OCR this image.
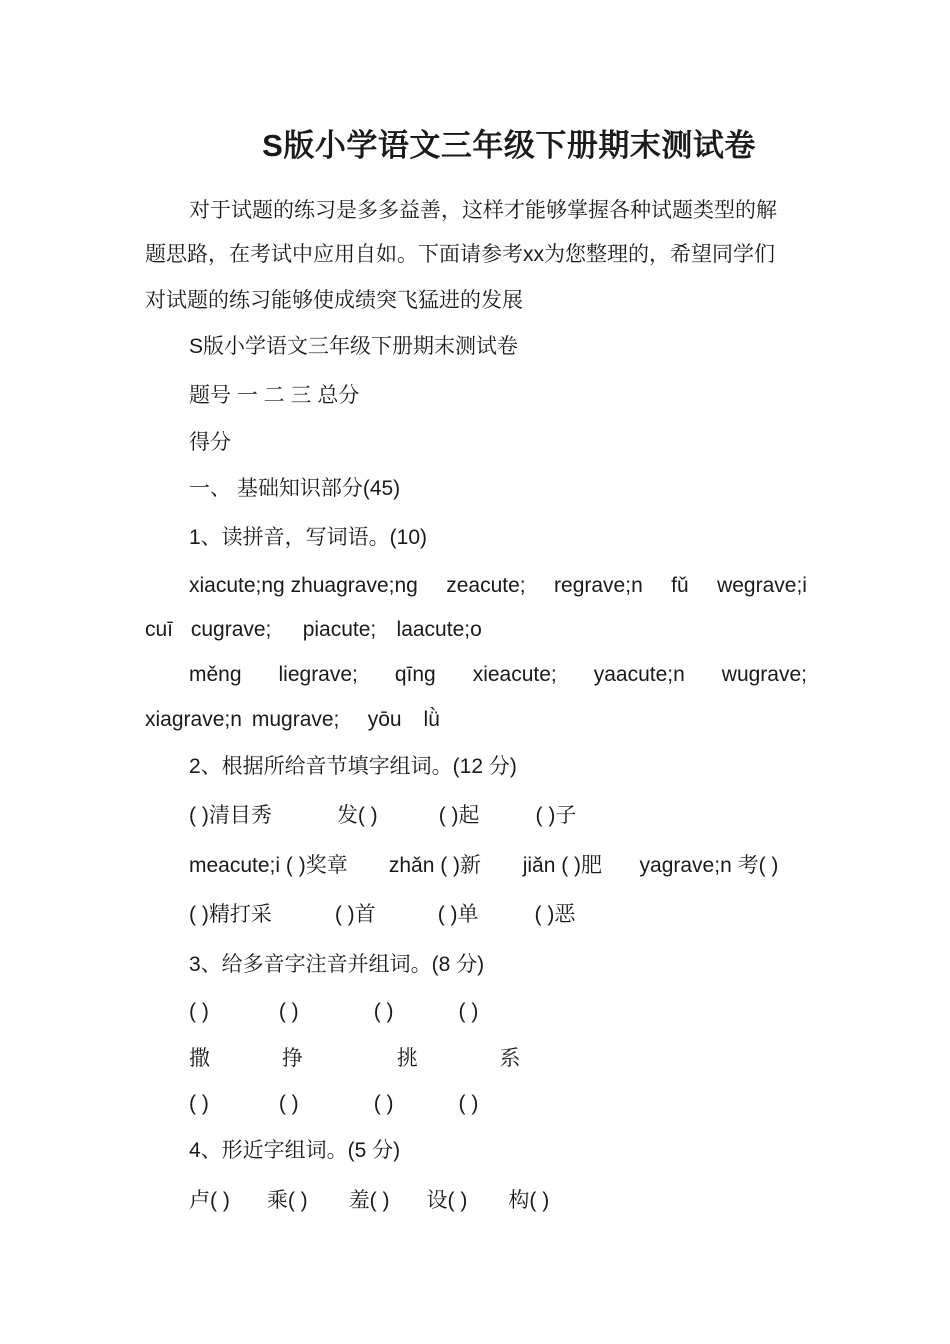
S版小学语文三年级下册期末测试卷
对于试题的练习是多多益善，这样才能够掌握各种试题类型的解
题思路，在考试中应用自如。下面请参考xx为您整理的，希望同学们
对试题的练习能够使成绩突飞猛进的发展
S版小学语文三年级下册期末测试卷
题号 一 二 三 总分
得分
一、 基础知识部分(45)
1、读拼音，写词语。(10)
xiacute;ng zhuagrave;ng zeacute; regrave;n fǔ wegrave;i
cuī cugrave; piacute; laacute;o
měng liegrave; qīng xieacute; yaacute;n wugrave;
xiagrave;n mugrave; yōu lǜ
2、根据所给音节填字组词。(12 分)
( )清目秀	发( )	( )起	( )子
meacute;i ( )奖章 zhǎn ( )新 jiǎn ( )肥 yagrave;n 考( )
( )精打采	( )首	( )单	( )恶
3、给多音字注音并组词。(8 分)
( )	( )	( )	( )
撒	挣	挑	系
( )	( )	( )	( )
4、形近字组词。(5 分)
卢( ) 乘( ) 羞( ) 设( ) 构( )
